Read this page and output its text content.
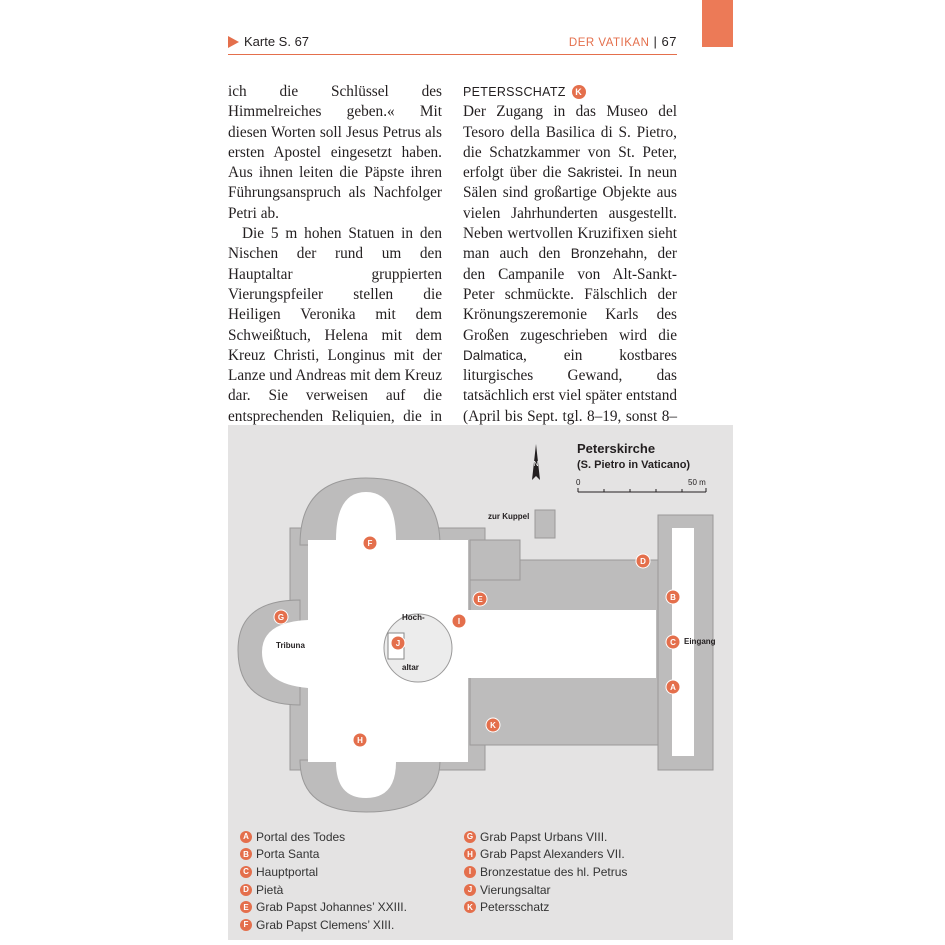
Karte S. 67	DER VATIKAN | 67

ich die Schlüssel des Himmelreiches geben.« Mit diesen Worten soll Jesus Petrus als ersten Apostel eingesetzt haben. Aus ihnen leiten die Päpste ihren Führungsanspruch als Nachfolger Petri ab.

Die 5 m hohen Statuen in den Nischen der rund um den Hauptaltar gruppierten Vierungspfeiler stellen die Heiligen Veronika mit dem Schweißtuch, Helena mit dem Kreuz Christi, Longinus mit der Lanze und Andreas mit dem Kreuz dar. Sie verweisen auf die entsprechenden Reliquien, die in

PETERSSCHATZ	K

Der Zugang in das Museo del Tesoro della Basilica di S. Pietro, die Schatzkammer von St. Peter, erfolgt über die Sakristei. In neun Sälen sind großartige Objekte aus vielen Jahrhunderten ausgestellt. Neben wertvollen Kruzifixen sieht man auch den Bronzehahn, der den Campanile von Alt-Sankt-Peter schmückte. Fälschlich der Krönungszeremonie Karls des Großen zugeschrieben wird die Dalmatica, ein kostbares liturgisches Gewand, das tatsächlich erst viel später entstand (April bis Sept. tgl. 8–19, sonst 8–

N
Peterskirche
(S. Pietro in Vaticano)
0	50 m
zur Kuppel
Tribuna	Eingang
Hoch-
altar
A
B
C
D
E
F
G
H
I
J
K
A Portal des Todes
B Porta Santa
C Hauptportal
D Pietà
E Grab Papst Johannes’ XXIII.
F Grab Papst Clemens’ XIII.
G Grab Papst Urbans VIII.
H Grab Papst Alexanders VII.
I Bronzestatue des hl. Petrus
J Vierungsaltar
K Petersschatz
